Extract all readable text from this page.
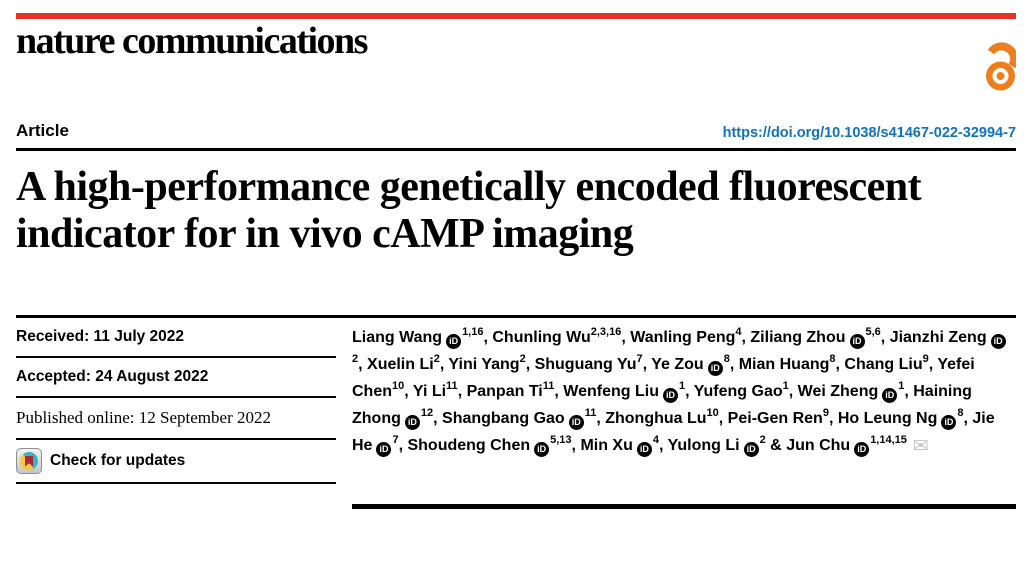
nature communications
Article	https://doi.org/10.1038/s41467-022-32994-7
A high-performance genetically encoded fluorescent indicator for in vivo cAMP imaging
Received: 11 July 2022
Accepted: 24 August 2022
Published online: 12 September 2022
Check for updates
Liang Wang iD$^{1,16}$, Chunling Wu$^{2,3,16}$, Wanling Peng$^4$, Ziliang Zhou iD$^{5,6}$, Jianzhi Zeng $iD^2$, Xuelin Li$^2$, Yini Yang$^2$, Shuguang Yu$^7$, Ye Zou $iD^8$, Mian Huang$^8$, Chang Liu$^9$, Yefei Chen$^{10}$, Yi Li$^{11}$, Panpan Ti$^{11}$, Wenfeng Liu $iD^1$, Yufeng Gao$^1$, Wei Zheng $iD^1$, Haining Zhong $iD^{12}$, Shangbang Gao $iD^{11}$, Zhonghua Lu$^{10}$, Pei-Gen Ren$^9$, Ho Leung Ng $iD^8$, Jie He $iD^7$, Shoudeng Chen iD$^{5,13}$, Min Xu $iD^4$, Yulong Li $iD^2$ & Jun Chu iD$^{1,14,15}$ ✉
